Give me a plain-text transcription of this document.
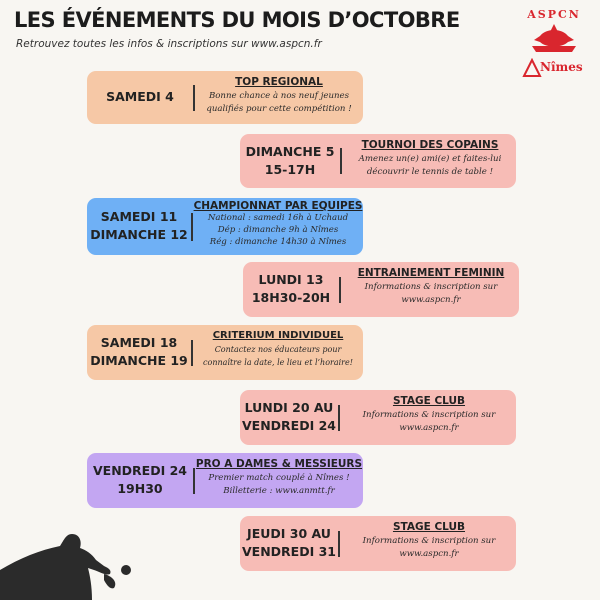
LES ÉVÉNEMENTS DU MOIS D’OCTOBRE
Retrouvez toutes les infos & inscriptions sur www.aspcn.fr
ASPCN
Nîmes
SAMEDI 4
TOP REGIONAL
Bonne chance à nos neuf jeunes
qualifiés pour cette compétition !
DIMANCHE 5
15-17H
TOURNOI DES COPAINS
Amenez un(e) ami(e) et faites-lui
découvrir le tennis de table !
SAMEDI 11
DIMANCHE 12
CHAMPIONNAT PAR EQUIPES
National : samedi 16h à Uchaud
Dép : dimanche 9h à Nîmes
Rég : dimanche 14h30 à Nîmes
LUNDI 13
18H30-20H
ENTRAINEMENT FEMININ
Informations & inscription sur
www.aspcn.fr
SAMEDI 18
DIMANCHE 19
CRITERIUM INDIVIDUEL
Contactez nos éducateurs pour
connaître la date, le lieu et l’horaire!
LUNDI 20 AU
VENDREDI 24
STAGE CLUB
Informations & inscription sur
www.aspcn.fr
VENDREDI 24
19H30
PRO A DAMES & MESSIEURS
Premier match couplé à Nîmes !
Billetterie : www.anmtt.fr
JEUDI 30 AU
VENDREDI 31
STAGE CLUB
Informations & inscription sur
www.aspcn.fr
